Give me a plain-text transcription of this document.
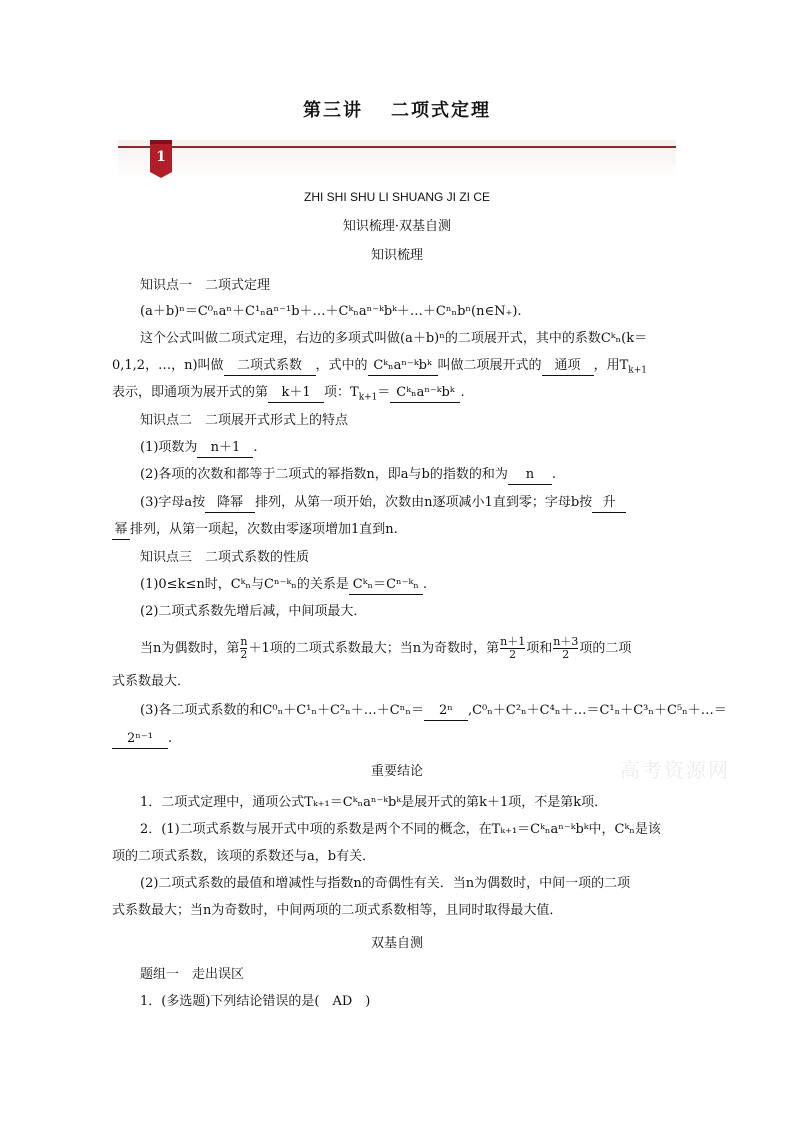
第三讲 二项式定理
1
ZHI SHI SHU LI SHUANG JI ZI CE
知识梳理·双基自测
知识梳理
知识点一　二项式定理
(a＋b)ⁿ＝C⁰ₙaⁿ＋C¹ₙaⁿ⁻¹b＋…＋Cᵏₙaⁿ⁻ᵏbᵏ＋…＋Cⁿₙbⁿ(n∈N₊).
这个公式叫做二项式定理，右边的多项式叫做(a＋b)ⁿ的二项展开式，其中的系数Cᵏₙ(k＝
0,1,2，…，n)叫做 二项式系数 ，式中的 Cᵏₙaⁿ⁻ᵏbᵏ 叫做二项展开式的 通项 ，用$T_{k+1}$
表示，即通项为展开式的第 k＋1 项：$T_{k+1}=$ Cᵏₙaⁿ⁻ᵏbᵏ .
知识点二　二项展开式形式上的特点
(1)项数为 n＋1 .
(2)各项的次数和都等于二项式的幂指数n，即a与b的指数的和为 n .
(3)字母a按 降幂 排列，从第一项开始，次数由n逐项减小1直到零；字母b按 升
幂 排列，从第一项起，次数由零逐项增加1直到n.
知识点三　二项式系数的性质
(1)0≤k≤n时，Cᵏₙ与Cⁿ⁻ᵏₙ的关系是 Cᵏₙ＝Cⁿ⁻ᵏₙ .
(2)二项式系数先增后减，中间项最大．
当n为偶数时，第 $\frac{n}{2} +1$项的二项式系数最大；当n为奇数时，第 $\frac{n+1}{2}$ 项和 $\frac{n+3}{2}$ 项的二项
式系数最大．
(3)各二项式系数的和C⁰ₙ＋C¹ₙ＋C²ₙ＋…＋Cⁿₙ＝ 2ⁿ ,C⁰ₙ＋C²ₙ＋C⁴ₙ＋…＝C¹ₙ＋C³ₙ＋C⁵ₙ＋…＝
2ⁿ⁻¹ .
重要结论	高考资源网
1．二项式定理中，通项公式Tₖ₊₁＝Cᵏₙaⁿ⁻ᵏbᵏ是展开式的第k＋1项，不是第k项．
2．(1)二项式系数与展开式中项的系数是两个不同的概念，在Tₖ₊₁＝Cᵏₙaⁿ⁻ᵏbᵏ中，Cᵏₙ是该
项的二项式系数，该项的系数还与a，b有关．
(2)二项式系数的最值和增减性与指数n的奇偶性有关．当n为偶数时，中间一项的二项
式系数最大；当n为奇数时，中间两项的二项式系数相等，且同时取得最大值．
双基自测
题组一　走出误区
1．(多选题)下列结论错误的是(　AD　)
